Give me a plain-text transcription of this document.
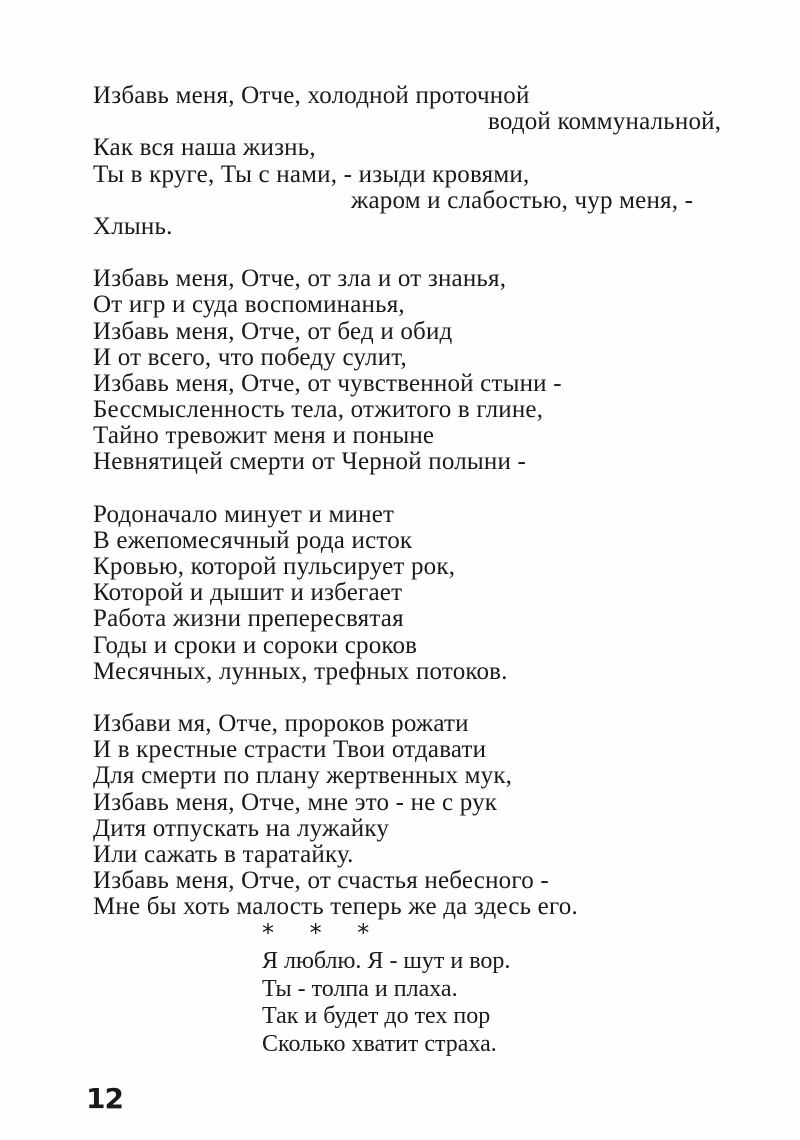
Избавь меня, Отче, холодной проточной
водой коммунальной,
Как вся наша жизнь,
Ты в круге, Ты с нами, - изыди кровями,
жаром и слабостью, чур меня, -
Хлынь.
Избавь меня, Отче, от зла и от знанья,
От игр и суда воспоминанья,
Избавь меня, Отче, от бед и обид
И от всего, что победу сулит,
Избавь меня, Отче, от чувственной стыни -
Бессмысленность тела, отжитого в глине,
Тайно тревожит меня и поныне
Невнятицей смерти от Черной полыни -
Родоначало минует и минет
В ежепомесячный рода исток
Кровью, которой пульсирует рок,
Которой и дышит и избегает
Работа жизни препересвятая
Годы и сроки и сороки сроков
Месячных, лунных, трефных потоков.
Избави мя, Отче, пророков рожати
И в крестные страсти Твои отдавати
Для смерти по плану жертвенных мук,
Избавь меня, Отче, мне это - не с рук
Дитя отпускать на лужайку
Или сажать в таратайку.
Избавь меня, Отче, от счастья небесного -
Мне бы хоть малость теперь же да здесь его.
* * *
Я люблю. Я - шут и вор.
Ты - толпа и плаха.
Так и будет до тех пор
Сколько хватит страха.
12
